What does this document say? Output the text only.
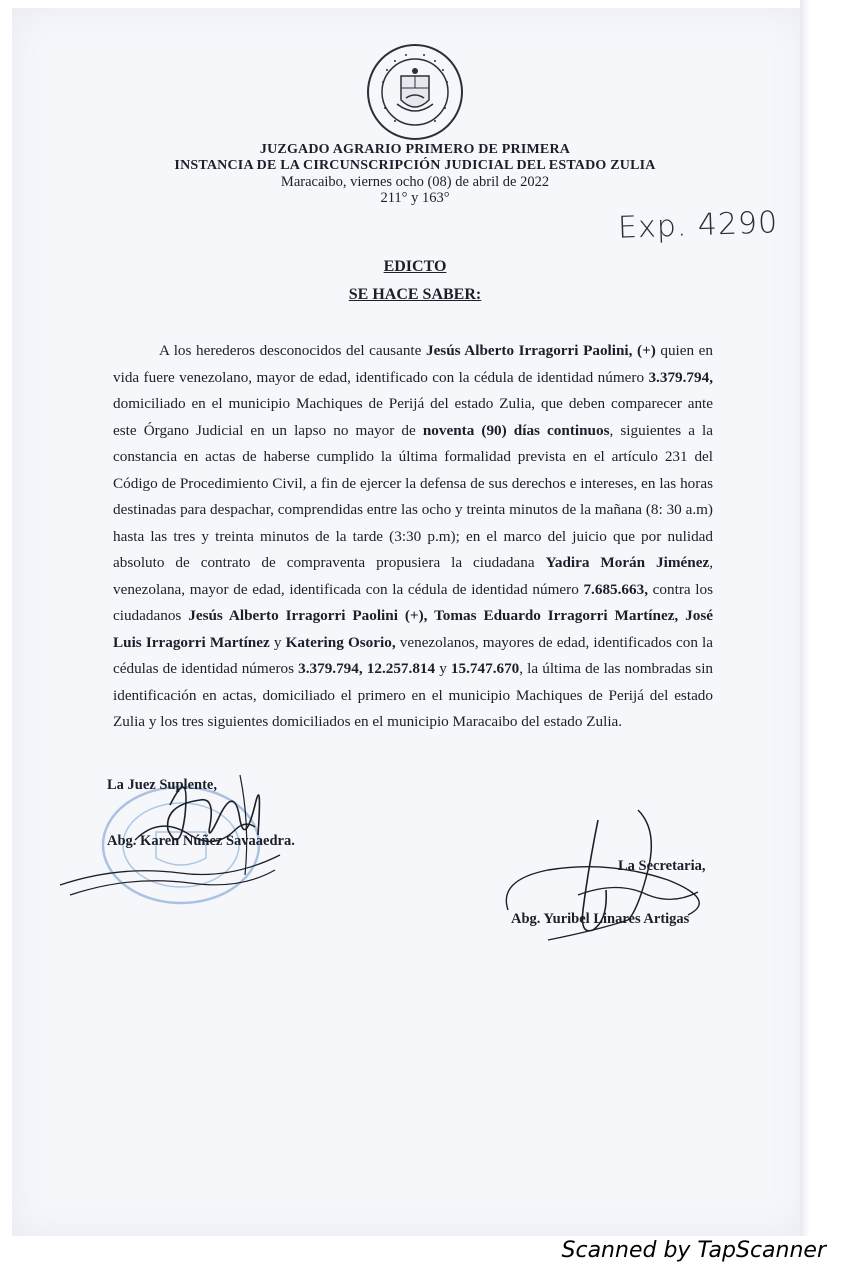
JUZGADO AGRARIO PRIMERO DE PRIMERA
INSTANCIA DE LA CIRCUNSCRIPCIÓN JUDICIAL DEL ESTADO ZULIA
Maracaibo, viernes ocho (08) de abril de 2022
211° y 163°
Exp. 4290
EDICTO
SE HACE SABER:
A los herederos desconocidos del causante Jesús Alberto Irragorri Paolini, (+) quien en vida fuere venezolano, mayor de edad, identificado con la cédula de identidad número 3.379.794, domiciliado en el municipio Machiques de Perijá del estado Zulia, que deben comparecer ante este Órgano Judicial en un lapso no mayor de noventa (90) días continuos, siguientes a la constancia en actas de haberse cumplido la última formalidad prevista en el artículo 231 del Código de Procedimiento Civil, a fin de ejercer la defensa de sus derechos e intereses, en las horas destinadas para despachar, comprendidas entre las ocho y treinta minutos de la mañana (8: 30 a.m) hasta las tres y treinta minutos de la tarde (3:30 p.m); en el marco del juicio que por nulidad absoluto de contrato de compraventa propusiera la ciudadana Yadira Morán Jiménez, venezolana, mayor de edad, identificada con la cédula de identidad número 7.685.663, contra los ciudadanos Jesús Alberto Irragorri Paolini (+), Tomas Eduardo Irragorri Martínez, José Luis Irragorri Martínez y Katering Osorio, venezolanos, mayores de edad, identificados con la cédulas de identidad números 3.379.794, 12.257.814 y 15.747.670, la última de las nombradas sin identificación en actas, domiciliado el primero en el municipio Machiques de Perijá del estado Zulia y los tres siguientes domiciliados en el municipio Maracaibo del estado Zulia.
La Juez Suplente,
Abg. Karen Núñez Savaaedra.
La Secretaria,
Abg. Yuribel Linares Artigas
Scanned by TapScanner
